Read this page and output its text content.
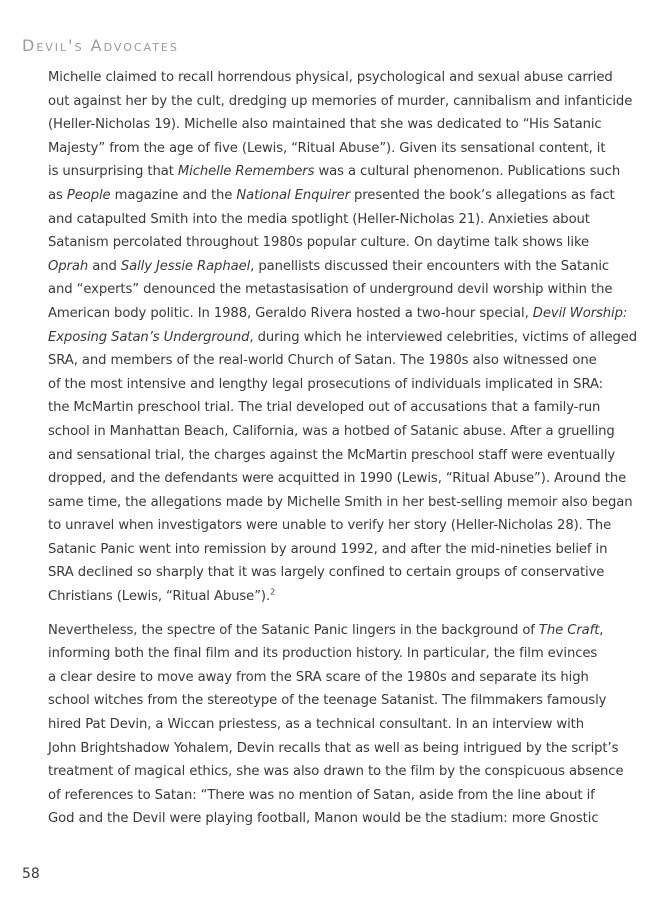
Devil's Advocates
Michelle claimed to recall horrendous physical, psychological and sexual abuse carried
out against her by the cult, dredging up memories of murder, cannibalism and infanticide
(Heller-Nicholas 19). Michelle also maintained that she was dedicated to “His Satanic
Majesty” from the age of five (Lewis, “Ritual Abuse”). Given its sensational content, it
is unsurprising that Michelle Remembers was a cultural phenomenon. Publications such
as People magazine and the National Enquirer presented the book’s allegations as fact
and catapulted Smith into the media spotlight (Heller-Nicholas 21). Anxieties about
Satanism percolated throughout 1980s popular culture. On daytime talk shows like
Oprah and Sally Jessie Raphael, panellists discussed their encounters with the Satanic
and “experts” denounced the metastasisation of underground devil worship within the
American body politic. In 1988, Geraldo Rivera hosted a two-hour special, Devil Worship:
Exposing Satan’s Underground, during which he interviewed celebrities, victims of alleged
SRA, and members of the real-world Church of Satan. The 1980s also witnessed one
of the most intensive and lengthy legal prosecutions of individuals implicated in SRA:
the McMartin preschool trial. The trial developed out of accusations that a family-run
school in Manhattan Beach, California, was a hotbed of Satanic abuse. After a gruelling
and sensational trial, the charges against the McMartin preschool staff were eventually
dropped, and the defendants were acquitted in 1990 (Lewis, “Ritual Abuse”). Around the
same time, the allegations made by Michelle Smith in her best-selling memoir also began
to unravel when investigators were unable to verify her story (Heller-Nicholas 28). The
Satanic Panic went into remission by around 1992, and after the mid-nineties belief in
SRA declined so sharply that it was largely confined to certain groups of conservative
Christians (Lewis, “Ritual Abuse”).$^2$
Nevertheless, the spectre of the Satanic Panic lingers in the background of The Craft,
informing both the final film and its production history. In particular, the film evinces
a clear desire to move away from the SRA scare of the 1980s and separate its high
school witches from the stereotype of the teenage Satanist. The filmmakers famously
hired Pat Devin, a Wiccan priestess, as a technical consultant. In an interview with
John Brightshadow Yohalem, Devin recalls that as well as being intrigued by the script’s
treatment of magical ethics, she was also drawn to the film by the conspicuous absence
of references to Satan: “There was no mention of Satan, aside from the line about if
God and the Devil were playing football, Manon would be the stadium: more Gnostic
58
